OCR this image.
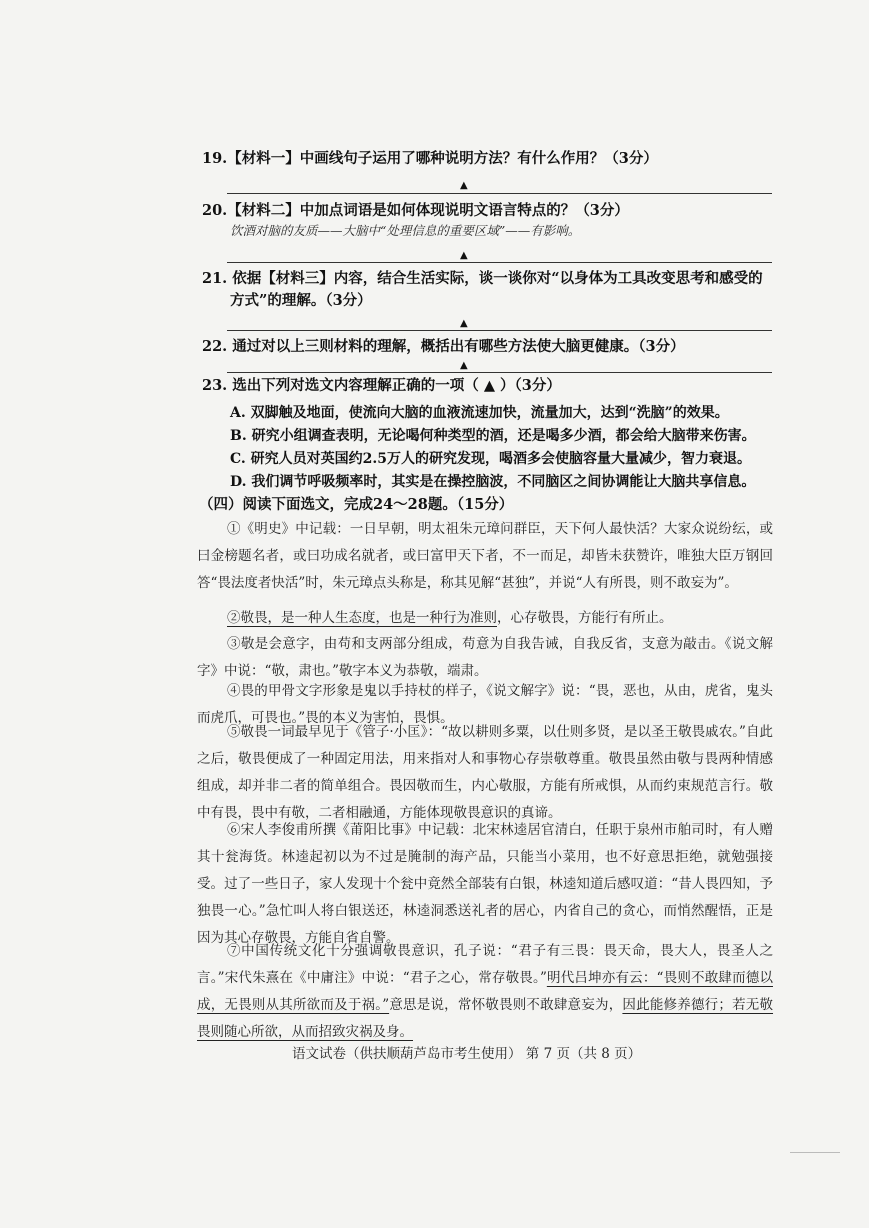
19.【材料一】中画线句子运用了哪种说明方法？有什么作用？（3分）
▲
20.【材料二】中加点词语是如何体现说明文语言特点的？（3分）
饮酒对脑的友质——大脑中“处理信息的重要区域”——有影响。
▲
21. 依据【材料三】内容，结合生活实际，谈一谈你对“以身体为工具改变思考和感受的
方式”的理解。（3分）
▲
22. 通过对以上三则材料的理解，概括出有哪些方法使大脑更健康。（3分）
▲
23. 选出下列对选文内容理解正确的一项（ ▲ ）（3分）
A. 双脚触及地面，使流向大脑的血液流速加快，流量加大，达到“洗脑”的效果。
B. 研究小组调查表明，无论喝何种类型的酒，还是喝多少酒，都会给大脑带来伤害。
C. 研究人员对英国约2.5万人的研究发现，喝酒多会使脑容量大量减少，智力衰退。
D. 我们调节呼吸频率时，其实是在操控脑波，不同脑区之间协调能让大脑共享信息。
（四）阅读下面选文，完成24～28题。（15分）
①《明史》中记载：一日早朝，明太祖朱元璋问群臣，天下何人最快活？大家众说纷纭，或曰金榜题名者，或曰功成名就者，或曰富甲天下者，不一而足，却皆未获赞许，唯独大臣万钢回答“畏法度者快活”时，朱元璋点头称是，称其见解“甚独”，并说“人有所畏，则不敢妄为”。
②敬畏，是一种人生态度，也是一种行为准则，心存敬畏，方能行有所止。
③敬是会意字，由苟和支两部分组成，苟意为自我告诫，自我反省，支意为敲击。《说文解字》中说：“敬，肃也。”敬字本义为恭敬，端肃。
④畏的甲骨文字形象是鬼以手持杖的样子，《说文解字》说：“畏，恶也，从由，虎省，鬼头而虎爪，可畏也。”畏的本义为害怕，畏惧。
⑤敬畏一词最早见于《管子·小匡》：“故以耕则多粟，以仕则多贤，是以圣王敬畏戚农。”自此之后，敬畏便成了一种固定用法，用来指对人和事物心存崇敬尊重。敬畏虽然由敬与畏两种情感组成，却并非二者的简单组合。畏因敬而生，内心敬服，方能有所戒惧，从而约束规范言行。敬中有畏，畏中有敬，二者相融通，方能体现敬畏意识的真谛。
⑥宋人李俊甫所撰《莆阳比事》中记载：北宋林逵居官清白，任职于泉州市舶司时，有人赠其十瓮海货。林逵起初以为不过是腌制的海产品，只能当小菜用，也不好意思拒绝，就勉强接受。过了一些日子，家人发现十个瓮中竟然全部装有白银，林逵知道后感叹道：“昔人畏四知，予独畏一心。”急忙叫人将白银送还，林逵洞悉送礼者的居心，内省自己的贪心，而悄然醒悟，正是因为其心存敬畏，方能自省自警。
⑦中国传统文化十分强调敬畏意识，孔子说：“君子有三畏：畏天命，畏大人，畏圣人之言。”宋代朱熹在《中庸注》中说：“君子之心，常存敬畏。”明代吕坤亦有云：“畏则不敢肆而德以成，无畏则从其所欲而及于祸。”意思是说，常怀敬畏则不敢肆意妄为，因此能修养德行；若无敬畏则随心所欲，从而招致灾祸及身。
语文试卷（供扶顺葫芦岛市考生使用） 第 7 页（共 8 页）
